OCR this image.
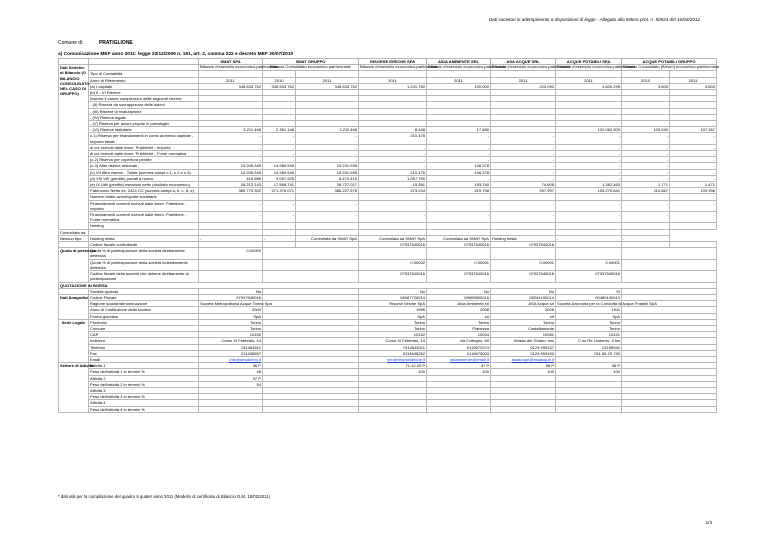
Dati societari in adempimento a disposizioni di legge - Allegato alla lettera prot. n. 50924 del 16/03/2012
Comune di:	PRATIGLIONE
a) Comunicazione MEF anno 2011: legge 23/12/2009 n. 191, art. 2, comma 222 e decreto MEF 30/07/2010
		SMAT SPA	SMAT GRUPPO		RISORSE IDRICHE SPA	AIDA AMBIENTE SRL	ASA ACQUE SRL	ACQUE POTABILI SPA	ACQUE POTABILI GRUPPO	
Dati Sintetici di Bilancio (O BILANCIO CONSOLIDATO NEL CASO DI GRUPPO)		Bilancio d'esercizio economico-patrimoniale	Bilancio Consolidato economico-patrimoniale		Bilancio d'esercizio economico-patrimoniale	Bilancio d'esercizio economico-patrimoniale	Bilancio d'esercizio economico-patrimoniale	Bilancio d'esercizio economico-patrimoniale	Bilancio Consolidato (€/euro) economico-patrimoniale	
	Tipo di Contabilità									
	Anno di Riferimento	2011	2010	2011	2011	2011	2011	2011	2010	2011
	(a) I capitale	345.533.762	345.533.762	345.533.762	1.241.760	100.000	223.092	3.600.295	3.600	3.600
	(b) II - VI Riserve									
	Inserire il valore complessivo delle seguenti riserve:									
	- (II) Riserva da sovrapprezzo delle azioni									
	- (III) Riserve di rivalutazione									
	- (IV) Riserva legale									
	- (V) Riserva per azioni proprie in portafoglio									
	- (VI) Riserve statutarie	3.211.466	2.361.148	3.211.466	8.448	17.680		102.062.009	109.040	107.267
	c.1) Riserva per finanziamenti in conto aumento capitale - Importo totale	-	-	-	210.475	-	-	-	-	-
	di cui ricevuti dalle Amm. Pubbliche - Importo	-	-	-	-	-	-	-	-	-
	di cui ricevuti dalle Amm. Pubbliche - Fonte normativa	-	-	-	-	-	-	-	-	-
	(c.2) Riserva per copertura perdite	-	-	-	-	-	-	-	-	-
	(c.3) Altre riserve residuali	14.205.345	14.980.545	19.231.935	-	108.378	-	-	-	-
	(c) VII Altre riserve - Totale (somma campi c.1, c.2 e c.3)	14.205.345	14.980.545	19.231.935	210.475	108.378	-	-	-	-
	(d) VIII VIII (perdite) portati a nuovo	415.586	9.057.925	8.470.415	1.097.790	-	-	-	-	-
	(e) IX Utili (perdite) esercizio netto (risultato economico)	26.213.143	17.558.741	26.727.027	10.351	193.740	74.905	1.382.463	1.771	1.471
	Patrimonio Netto ex. 2424 CC (somma campi a, b, c, d, e)	389.779.302	371.376.071	386.227.575	373.244	419.798	297.997	104.279.841	110.867	109.396
	Numero totale azioni/quote societarie									
	Finanziamenti correnti ricevuti dalle Amm. Pubbliche - Importo	-	-	-	-	-	-	-	-	-
	Finanziamenti correnti ricevuti dalle Amm. Pubbliche - Fonte normativa	-	-	-	-	-	-	-	-	-
	Holding									
Controllata da										
Nessun tipo	Holding mista	-	-	Controllata da SMAT SpA	Controllata da SMAT SpA	Controllata da SMAT SpA	Holding mista	-	-	
	Codice fiscale controllante				07937540016	07937540016	07937540016			
Quota di possesso	Quota % di partecipazione della società direttamente detenuta	0,00002								
	Quota % di partecipazione della società indirettamente detenuta				0,00002	0,00001	0,00001	0,00001		
	Codice fiscale della società che detiene direttamente la partecipazione				07937540016	07937540016	07937540016	07937540016		
QUOTAZIONE IN BORSA										
	Società quotata	No			No	No	No	Sì		
Dati Anagrafici	Codice Fiscale	07937540016			06087720014	09909800016	05244190014	00489140012		
	Ragione sociale/denominazione	Società Metropolitana Acque Torino Spa			Risorse Idriche SpA	Aida Ambiente srl	ASA Acque srl	Società Azionaria per la Condotta di Acque Potabili SpA		
	Anno di Costituzione della società	2000			1996	2008	2006	1911		
	Forma giuridica	SpA			SpA	srl	srl	SpA		
Sede Legale	Provincia	Torino			Torino	Torino	Torino	Torino		
	Comune	Torino			Torino	Pianezza	Castellamonte	Torino		
	CAP	10152			10152	10044	10081	10121		
	Indirizzo	Corso XI Febbraio, 14			Corso XI Febbraio, 14	via Collegno, 60	Strada del Ghiaro, snc	C.so Re Umberto, 9 bis		
	Telefono	011464511			0114645111	0119672074	0124.999137	01155941		
	Fax	011436557			0114645252	0119673003	0124.993190	011 56 29 730		
	Email	info@smatorino.it			info@risorseidriche.it	aidambiente@email.it	asaacque@asaacque.it			
Settore di Attività	Attività 1	36 P			71.12.20 P	37 P	36 P	36 P		
	Peso dell'attività 1 in termini %	46			100	100	100	100		
	Attività 2	37 P								
	Peso dell'attività 2 in termini %	54								
	Attività 3									
	Peso dell'attività 3 in termini %									
	Attività 4									
	Peso dell'attività 4 in termini %									
* dati utili per la compilazione del quadro 6 quater anno 2011 (Modello di certificato di Bilancio D.M. 15/02/2011)
1/3
